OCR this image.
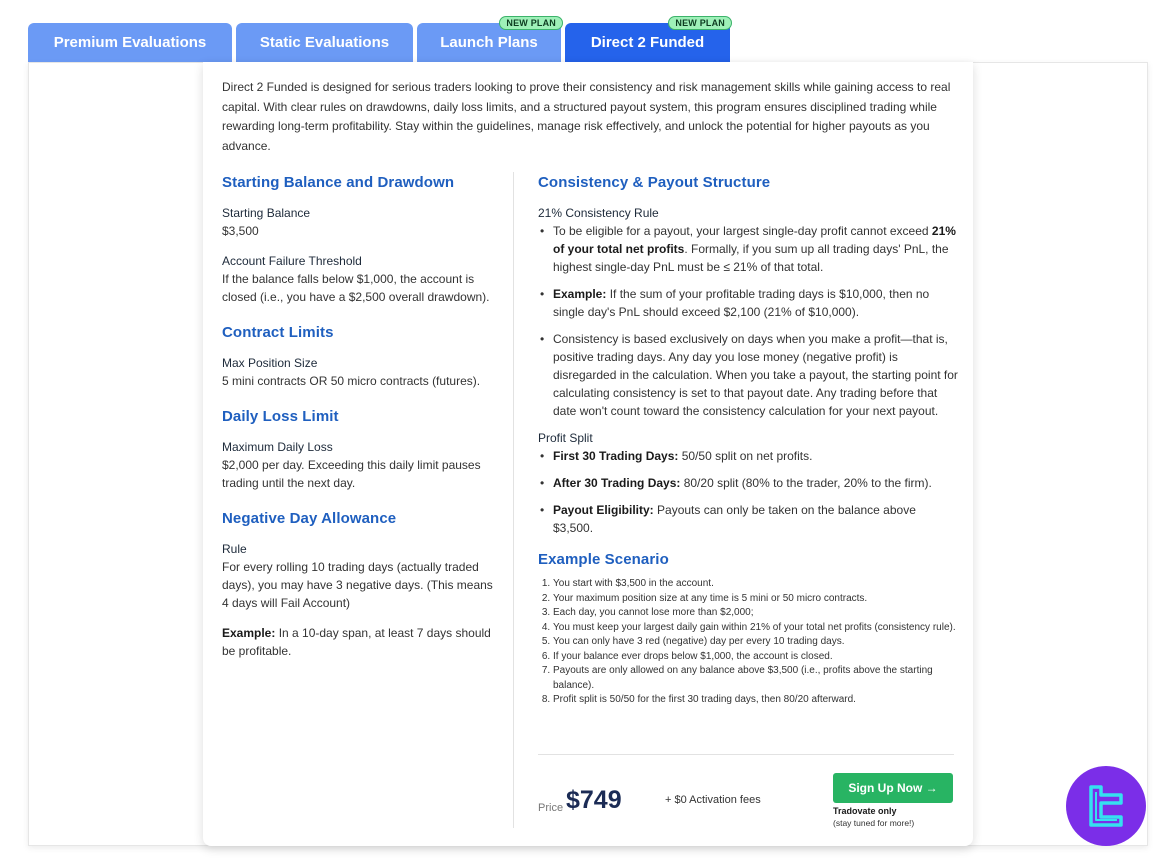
Premium Evaluations	Static Evaluations	Launch Plans
NEW PLAN
Direct 2 Funded
NEW PLAN

Direct 2 Funded is designed for serious traders looking to prove their consistency and risk management skills while gaining access to real capital. With clear rules on drawdowns, daily loss limits, and a structured payout system, this program ensures disciplined trading while rewarding long-term profitability. Stay within the guidelines, manage risk effectively, and unlock the potential for higher payouts as you advance.

Starting Balance and Drawdown
Starting Balance
$3,500
Account Failure Threshold
If the balance falls below $1,000, the account is closed (i.e., you have a $2,500 overall drawdown).
Contract Limits
Max Position Size
5 mini contracts OR 50 micro contracts (futures).
Daily Loss Limit
Maximum Daily Loss
$2,000 per day. Exceeding this daily limit pauses trading until the next day.
Negative Day Allowance
Rule
For every rolling 10 trading days (actually traded days), you may have 3 negative days. (This means 4 days will Fail Account)
Example: In a 10-day span, at least 7 days should be profitable.
Consistency & Payout Structure
21% Consistency Rule
• To be eligible for a payout, your largest single-day profit cannot exceed 21% of your total net profits. Formally, if you sum up all trading days' PnL, the highest single-day PnL must be ≤ 21% of that total.
• Example: If the sum of your profitable trading days is $10,000, then no single day's PnL should exceed $2,100 (21% of $10,000).
• Consistency is based exclusively on days when you make a profit—that is, positive trading days. Any day you lose money (negative profit) is disregarded in the calculation. When you take a payout, the starting point for calculating consistency is set to that payout date. Any trading before that date won't count toward the consistency calculation for your next payout.
Profit Split
• First 30 Trading Days: 50/50 split on net profits.
• After 30 Trading Days: 80/20 split (80% to the trader, 20% to the firm).
• Payout Eligibility: Payouts can only be taken on the balance above $3,500.
Example Scenario
1. You start with $3,500 in the account.
2. Your maximum position size at any time is 5 mini or 50 micro contracts.
3. Each day, you cannot lose more than $2,000;
4. You must keep your largest daily gain within 21% of your total net profits (consistency rule).
5. You can only have 3 red (negative) day per every 10 trading days.
6. If your balance ever drops below $1,000, the account is closed.
7. Payouts are only allowed on any balance above $3,500 (i.e., profits above the starting balance).
8. Profit split is 50/50 for the first 30 trading days, then 80/20 afterward.
Price $749	+ $0 Activation fees
Sign Up Now →
Tradovate only
(stay tuned for more!)
